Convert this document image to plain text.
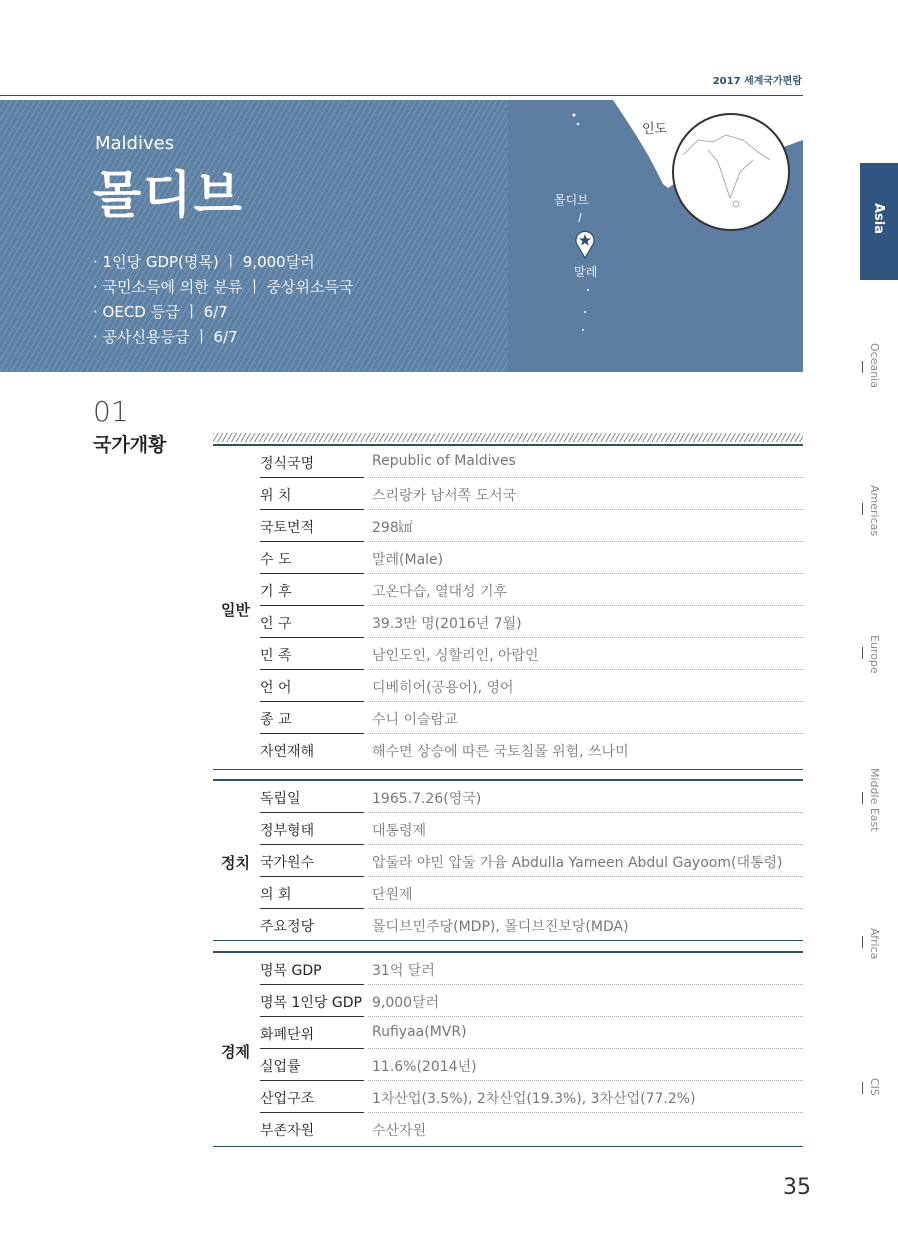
2017 세계국가편람
Maldives
몰디브
· 1인당 GDP(명목) ㅣ 9,000달러
· 국민소득에 의한 분류 ㅣ 중상위소득국
· OECD 등급 ㅣ 6/7
· 공사신용등급 ㅣ 6/7
인도
몰디브
말레
Asia
Oceania
Americas
Europe
Middle East
Africa
CIS
01
국가개황
일반
정식국명	Republic of Maldives
위 치	스리랑카 남서쪽 도서국
국토면적	298㎢
수 도	말레(Male)
기 후	고온다습, 열대성 기후
인 구	39.3만 명(2016년 7월)
민 족	남인도인, 싱할리인, 아랍인
언 어	디베히어(공용어), 영어
종 교	수니 이슬람교
자연재해	해수면 상승에 따른 국토침몰 위험, 쓰나미
정치
독립일	1965.7.26(영국)
정부형태	대통령제
국가원수	압둘라 야민 압둘 가윰 Abdulla Yameen Abdul Gayoom(대통령)
의 회	단원제
주요정당	몰디브민주당(MDP), 몰디브진보당(MDA)
경제
명목 GDP	31억 달러
명목 1인당 GDP 9,000달러
화폐단위	Rufiyaa(MVR)
실업률	11.6%(2014년)
산업구조	1차산업(3.5%), 2차산업(19.3%), 3차산업(77.2%)
부존자원	수산자원
35
